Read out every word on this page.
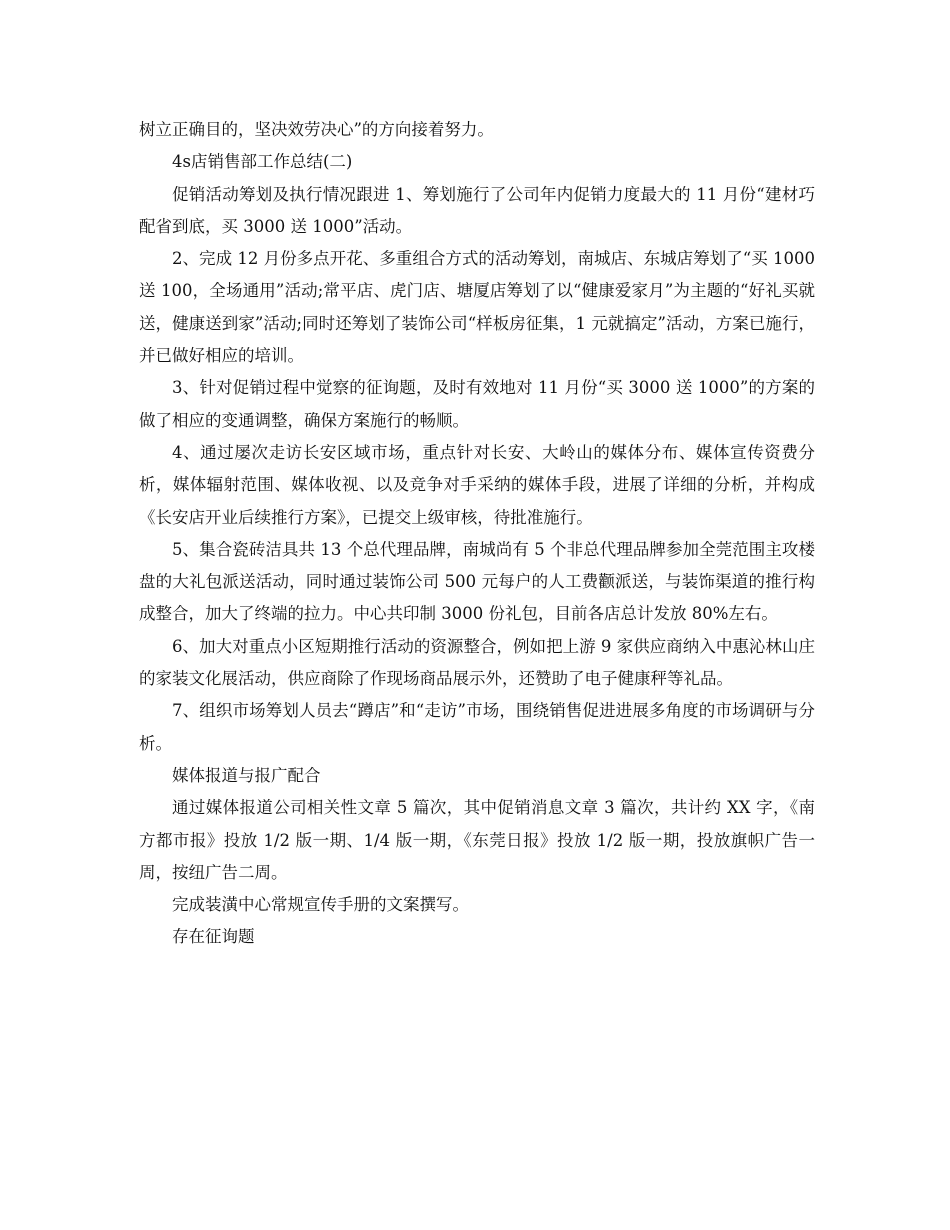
树立正确目的，坚决效劳决心”的方向接着努力。

4s店销售部工作总结(二)

促销活动筹划及执行情况跟进 1、筹划施行了公司年内促销力度最大的 11 月份“建材巧配省到底，买 3000 送 1000”活动。

2、完成 12 月份多点开花、多重组合方式的活动筹划，南城店、东城店筹划了“买 1000 送 100，全场通用”活动;常平店、虎门店、塘厦店筹划了以“健康爱家月”为主题的“好礼买就送，健康送到家”活动;同时还筹划了装饰公司“样板房征集，1 元就搞定”活动，方案已施行，并已做好相应的培训。

3、针对促销过程中觉察的征询题，及时有效地对 11 月份“买 3000 送 1000”的方案的做了相应的变通调整，确保方案施行的畅顺。

4、通过屡次走访长安区域市场，重点针对长安、大岭山的媒体分布、媒体宣传资费分析，媒体辐射范围、媒体收视、以及竞争对手采纳的媒体手段，进展了详细的分析，并构成《长安店开业后续推行方案》，已提交上级审核，待批准施行。

5、集合瓷砖洁具共 13 个总代理品牌，南城尚有 5 个非总代理品牌参加全莞范围主攻楼盘的大礼包派送活动，同时通过装饰公司 500 元每户的人工费颧派送，与装饰渠道的推行构成整合，加大了终端的拉力。中心共印制 3000 份礼包，目前各店总计发放 80%左右。

6、加大对重点小区短期推行活动的资源整合，例如把上游 9 家供应商纳入中惠沁林山庄的家装文化展活动，供应商除了作现场商品展示外，还赞助了电子健康秤等礼品。

7、组织市场筹划人员去“蹲店”和“走访”市场，围绕销售促进进展多角度的市场调研与分析。

媒体报道与报广配合

通过媒体报道公司相关性文章 5 篇次，其中促销消息文章 3 篇次，共计约 XX 字，《南方都市报》投放 1/2 版一期、1/4 版一期，《东莞日报》投放 1/2 版一期，投放旗帜广告一周，按纽广告二周。

完成装潢中心常规宣传手册的文案撰写。

存在征询题
